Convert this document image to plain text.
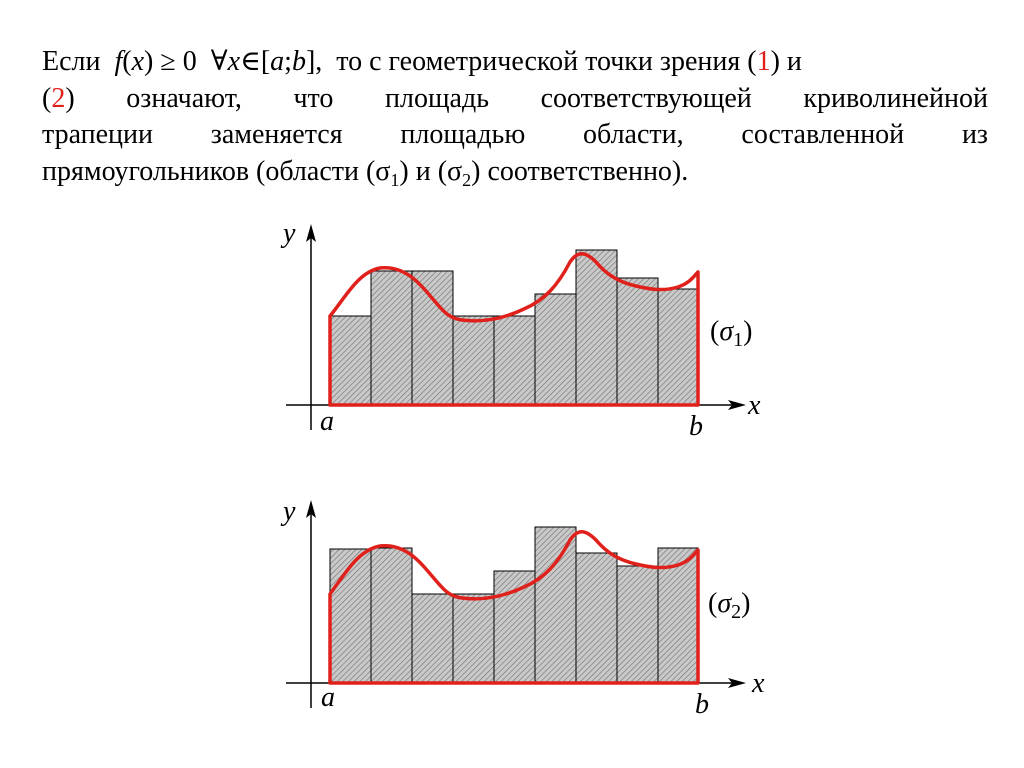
Если f(x) ≥ 0  ∀x∈[a;b],  то с геометрической точки зрения (1) и
(2) означают, что площадь соответствующей криволинейной
трапеции заменяется площадью области, составленной из
прямоугольников (области $(\sigma_1)$ и $(\sigma_2)$ соответственно).
y
x
a	b
$(\sigma_1)$
y
x
a	b
$(\sigma_2)$
